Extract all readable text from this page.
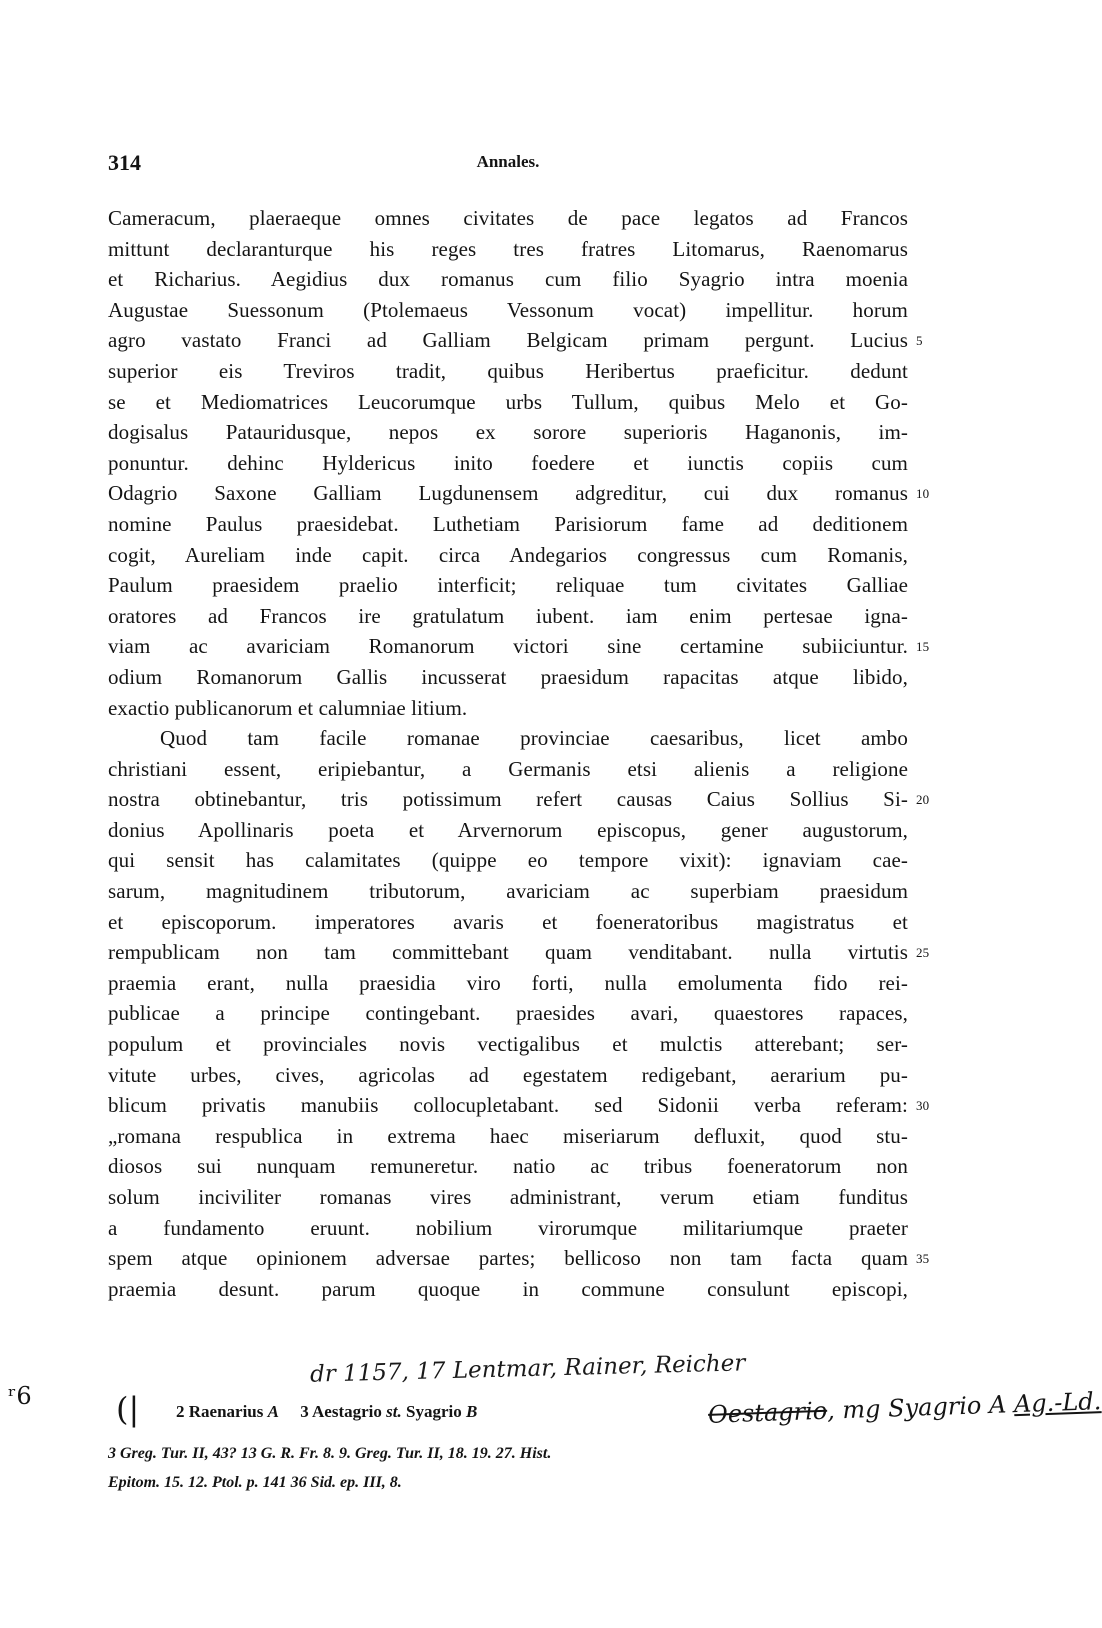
314	Annales.
Cameracum, plaeraeque omnes civitates de pace legatos ad Francos
mittunt declaranturque his reges tres fratres Litomarus, Raenomarus
et Richarius. Aegidius dux romanus cum filio Syagrio intra moenia
Augustae Suessonum (Ptolemaeus Vessonum vocat) impellitur. horum
agro vastato Franci ad Galliam Belgicam primam pergunt. Lucius 5
superior eis Treviros tradit, quibus Heribertus praeficitur. dedunt
se et Mediomatrices Leucorumque urbs Tullum, quibus Melo et Go-
dogisalus Patauridusque, nepos ex sorore superioris Haganonis, im-
ponuntur. dehinc Hyldericus inito foedere et iunctis copiis cum
Odagrio Saxone Galliam Lugdunensem adgreditur, cui dux romanus 10
nomine Paulus praesidebat. Luthetiam Parisiorum fame ad deditionem
cogit, Aureliam inde capit. circa Andegarios congressus cum Romanis,
Paulum praesidem praelio interficit; reliquae tum civitates Galliae
oratores ad Francos ire gratulatum iubent. iam enim pertesae igna-
viam ac avariciam Romanorum victori sine certamine subiiciuntur. 15
odium Romanorum Gallis incusserat praesidum rapacitas atque libido,
exactio publicanorum et calumniae litium.
Quod tam facile romanae provinciae caesaribus, licet ambo
christiani essent, eripiebantur, a Germanis etsi alienis a religione
nostra obtinebantur, tris potissimum refert causas Caius Sollius Si- 20
donius Apollinaris poeta et Arvernorum episcopus, gener augustorum,
qui sensit has calamitates (quippe eo tempore vixit): ignaviam cae-
sarum, magnitudinem tributorum, avariciam ac superbiam praesidum
et episcoporum. imperatores avaris et foeneratoribus magistratus et
rempublicam non tam committebant quam venditabant. nulla virtutis 25
praemia erant, nulla praesidia viro forti, nulla emolumenta fido rei-
publicae a principe contingebant. praesides avari, quaestores rapaces,
populum et provinciales novis vectigalibus et mulctis atterebant; ser-
vitute urbes, cives, agricolas ad egestatem redigebant, aerarium pu-
blicum privatis manubiis collocupletabant. sed Sidonii verba referam: 30
„romana respublica in extrema haec miseriarum defluxit, quod stu-
diosos sui nunquam remuneretur. natio ac tribus foeneratorum non
solum inciviliter romanas vires administrant, verum etiam funditus
a fundamento eruunt. nobilium virorumque militariumque praeter
spem atque opinionem adversae partes; bellicoso non tam facta quam 35
praemia desunt. parum quoque in commune consulunt episcopi,
ʳ6
dr 1157, 17 Lentmar, Rainer, Reicher
(| 2 Raenarius A 3 Aestagrio st. Syagrio B	Oestagrio, mg Syagrio A Ag.-Ld.
3 Greg. Tur. II, 43? 13 G. R. Fr. 8. 9. Greg. Tur. II, 18. 19. 27. Hist.
Epitom. 15. 12. Ptol. p. 141 36 Sid. ep. III, 8.
